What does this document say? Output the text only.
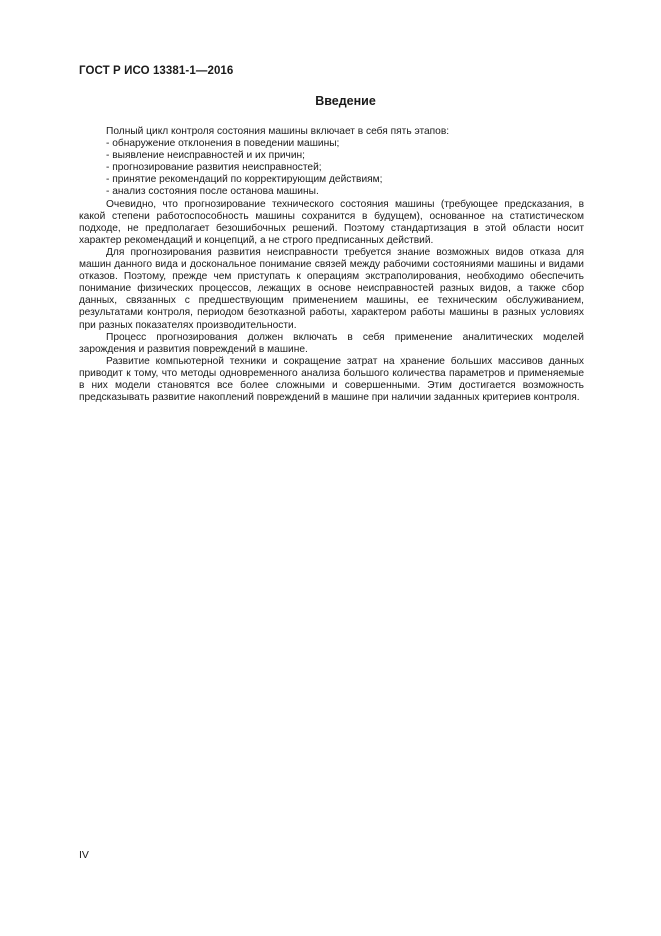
ГОСТ Р ИСО 13381-1—2016
Введение

Полный цикл контроля состояния машины включает в себя пять этапов:

- обнаружение отклонения в поведении машины;

- выявление неисправностей и их причин;

- прогнозирование развития неисправностей;

- принятие рекомендаций по корректирующим действиям;

- анализ состояния после останова машины.

Очевидно, что прогнозирование технического состояния машины (требующее предсказания, в какой степени работоспособность машины сохранится в будущем), основанное на статистическом подходе, не предполагает безошибочных решений. Поэтому стандартизация в этой области носит характер рекомендаций и концепций, а не строго предписанных действий.

Для прогнозирования развития неисправности требуется знание возможных видов отказа для машин данного вида и доскональное понимание связей между рабочими состояниями машины и видами отказов. Поэтому, прежде чем приступать к операциям экстраполирования, необходимо обеспечить понимание физических процессов, лежащих в основе неисправностей разных видов, а также сбор данных, связанных с предшествующим применением машины, ее техническим обслуживанием, результатами контроля, периодом безотказной работы, характером работы машины в разных условиях при разных показателях производительности.

Процесс прогнозирования должен включать в себя применение аналитических моделей зарождения и развития повреждений в машине.

Развитие компьютерной техники и сокращение затрат на хранение больших массивов данных приводит к тому, что методы одновременного анализа большого количества параметров и применяемые в них модели становятся все более сложными и совершенными. Этим достигается возможность предсказывать развитие накоплений повреждений в машине при наличии заданных критериев контроля.

IV
